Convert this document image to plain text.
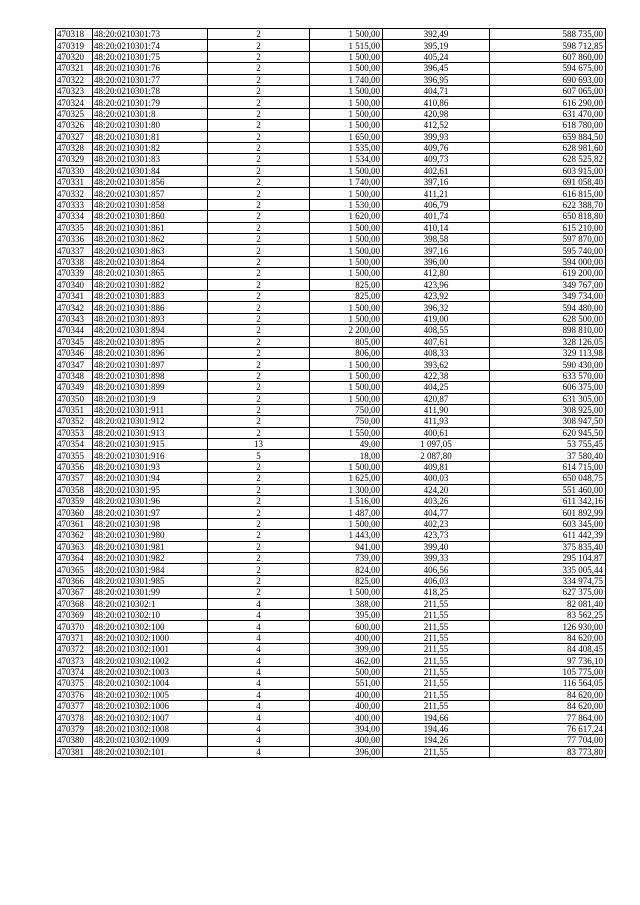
470318	48:20:0210301:73	2	1 500,00	392,49	588 735,00
470319	48:20:0210301:74	2	1 515,00	395,19	598 712,85
470320	48:20:0210301:75	2	1 500,00	405,24	607 860,00
470321	48:20:0210301:76	2	1 500,00	396,45	594 675,00
470322	48:20:0210301:77	2	1 740,00	396,95	690 693,00
470323	48:20:0210301:78	2	1 500,00	404,71	607 065,00
470324	48:20:0210301:79	2	1 500,00	410,86	616 290,00
470325	48:20:0210301:8	2	1 500,00	420,98	631 470,00
470326	48:20:0210301:80	2	1 500,00	412,52	618 780,00
470327	48:20:0210301:81	2	1 650,00	399,93	659 884,50
470328	48:20:0210301:82	2	1 535,00	409,76	628 981,60
470329	48:20:0210301:83	2	1 534,00	409,73	628 525,82
470330	48:20:0210301:84	2	1 500,00	402,61	603 915,00
470331	48:20:0210301:856	2	1 740,00	397,16	691 058,40
470332	48:20:0210301:857	2	1 500,00	411,21	616 815,00
470333	48:20:0210301:858	2	1 530,00	406,79	622 388,70
470334	48:20:0210301:860	2	1 620,00	401,74	650 818,80
470335	48:20:0210301:861	2	1 500,00	410,14	615 210,00
470336	48:20:0210301:862	2	1 500,00	398,58	597 870,00
470337	48:20:0210301:863	2	1 500,00	397,16	595 740,00
470338	48:20:0210301:864	2	1 500,00	396,00	594 000,00
470339	48:20:0210301:865	2	1 500,00	412,80	619 200,00
470340	48:20:0210301:882	2	825,00	423,96	349 767,00
470341	48:20:0210301:883	2	825,00	423,92	349 734,00
470342	48:20:0210301:886	2	1 500,00	396,32	594 480,00
470343	48:20:0210301:893	2	1 500,00	419,00	628 500,00
470344	48:20:0210301:894	2	2 200,00	408,55	898 810,00
470345	48:20:0210301:895	2	805,00	407,61	328 126,05
470346	48:20:0210301:896	2	806,00	408,33	329 113,98
470347	48:20:0210301:897	2	1 500,00	393,62	590 430,00
470348	48:20:0210301:898	2	1 500,00	422,38	633 570,00
470349	48:20:0210301:899	2	1 500,00	404,25	606 375,00
470350	48:20:0210301:9	2	1 500,00	420,87	631 305,00
470351	48:20:0210301:911	2	750,00	411,90	308 925,00
470352	48:20:0210301:912	2	750,00	411,93	308 947,50
470353	48:20:0210301:913	2	1 550,00	400,61	620 945,50
470354	48:20:0210301:915	13	49,00	1 097,05	53 755,45
470355	48:20:0210301:916	5	18,00	2 087,80	37 580,40
470356	48:20:0210301:93	2	1 500,00	409,81	614 715,00
470357	48:20:0210301:94	2	1 625,00	400,03	650 048,75
470358	48:20:0210301:95	2	1 300,00	424,20	551 460,00
470359	48:20:0210301:96	2	1 516,00	403,26	611 342,16
470360	48:20:0210301:97	2	1 487,00	404,77	601 892,99
470361	48:20:0210301:98	2	1 500,00	402,23	603 345,00
470362	48:20:0210301:980	2	1 443,00	423,73	611 442,39
470363	48:20:0210301:981	2	941,00	399,40	375 835,40
470364	48:20:0210301:982	2	739,00	399,33	295 104,87
470365	48:20:0210301:984	2	824,00	406,56	335 005,44
470366	48:20:0210301:985	2	825,00	406,03	334 974,75
470367	48:20:0210301:99	2	1 500,00	418,25	627 375,00
470368	48:20:0210302:1	4	388,00	211,55	82 081,40
470369	48:20:0210302:10	4	395,00	211,55	83 562,25
470370	48:20:0210302:100	4	600,00	211,55	126 930,00
470371	48:20:0210302:1000	4	400,00	211,55	84 620,00
470372	48:20:0210302:1001	4	399,00	211,55	84 408,45
470373	48:20:0210302:1002	4	462,00	211,55	97 736,10
470374	48:20:0210302:1003	4	500,00	211,55	105 775,00
470375	48:20:0210302:1004	4	551,00	211,55	116 564,05
470376	48:20:0210302:1005	4	400,00	211,55	84 620,00
470377	48:20:0210302:1006	4	400,00	211,55	84 620,00
470378	48:20:0210302:1007	4	400,00	194,66	77 864,00
470379	48:20:0210302:1008	4	394,00	194,46	76 617,24
470380	48:20:0210302:1009	4	400,00	194,26	77 704,00
470381	48:20:0210302:101	4	396,00	211,55	83 773,80
